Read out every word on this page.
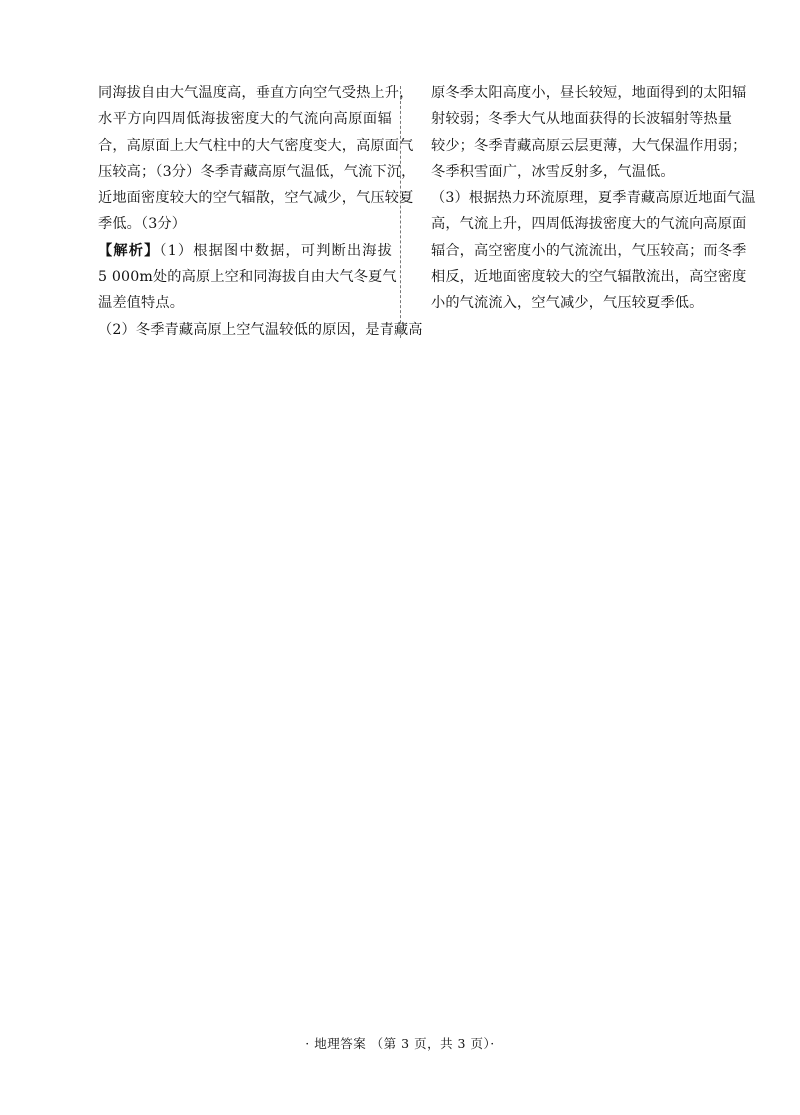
同海拔自由大气温度高，垂直方向空气受热上升，
水平方向四周低海拔密度大的气流向高原面辐
合，高原面上大气柱中的大气密度变大，高原面气
压较高；（3分）冬季青藏高原气温低，气流下沉，
近地面密度较大的空气辐散，空气减少，气压较夏
季低。（3分）
【解析】（1）根据图中数据，可判断出海拔
5 000m处的高原上空和同海拔自由大气冬夏气
温差值特点。
（2）冬季青藏高原上空气温较低的原因，是青藏高
原冬季太阳高度小，昼长较短，地面得到的太阳辐
射较弱；冬季大气从地面获得的长波辐射等热量
较少；冬季青藏高原云层更薄，大气保温作用弱；
冬季积雪面广，冰雪反射多，气温低。
（3）根据热力环流原理，夏季青藏高原近地面气温
高，气流上升，四周低海拔密度大的气流向高原面
辐合，高空密度小的气流流出，气压较高；而冬季
相反，近地面密度较大的空气辐散流出，高空密度
小的气流流入，空气减少，气压较夏季低。
· 地理答案 （第 3 页，共 3 页）·
